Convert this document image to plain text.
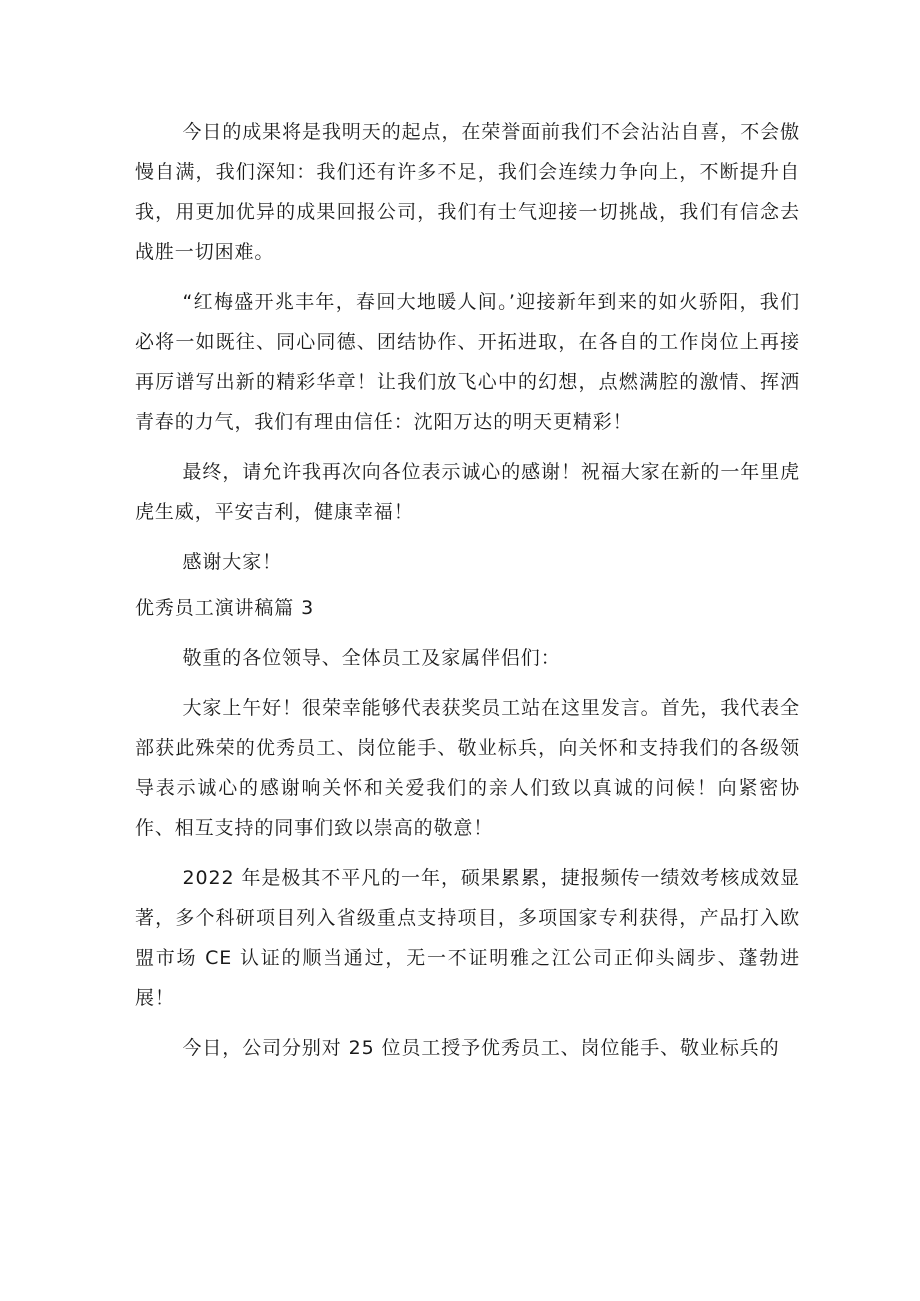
今日的成果将是我明天的起点，在荣誉面前我们不会沾沾自喜，不会傲慢自满，我们深知：我们还有许多不足，我们会连续力争向上，不断提升自我，用更加优异的成果回报公司，我们有士气迎接一切挑战，我们有信念去战胜一切困难。

“红梅盛开兆丰年，春回大地暖人间。’迎接新年到来的如火骄阳，我们必将一如既往、同心同德、团结协作、开拓进取，在各自的工作岗位上再接再厉谱写出新的精彩华章！让我们放飞心中的幻想，点燃满腔的激情、挥洒青春的力气，我们有理由信任：沈阳万达的明天更精彩！

最终，请允许我再次向各位表示诚心的感谢！祝福大家在新的一年里虎虎生威，平安吉利，健康幸福！

感谢大家！

优秀员工演讲稿篇 3

敬重的各位领导、全体员工及家属伴侣们：

大家上午好！很荣幸能够代表获奖员工站在这里发言。首先，我代表全部获此殊荣的优秀员工、岗位能手、敬业标兵，向关怀和支持我们的各级领导表示诚心的感谢响关怀和关爱我们的亲人们致以真诚的问候！向紧密协作、相互支持的同事们致以崇高的敬意！

2022 年是极其不平凡的一年，硕果累累，捷报频传一绩效考核成效显著，多个科研项目列入省级重点支持项目，多项国家专利获得，产品打入欧盟市场 CE 认证的顺当通过，无一不证明雅之江公司正仰头阔步、蓬勃进展！

今日，公司分别对 25 位员工授予优秀员工、岗位能手、敬业标兵的
